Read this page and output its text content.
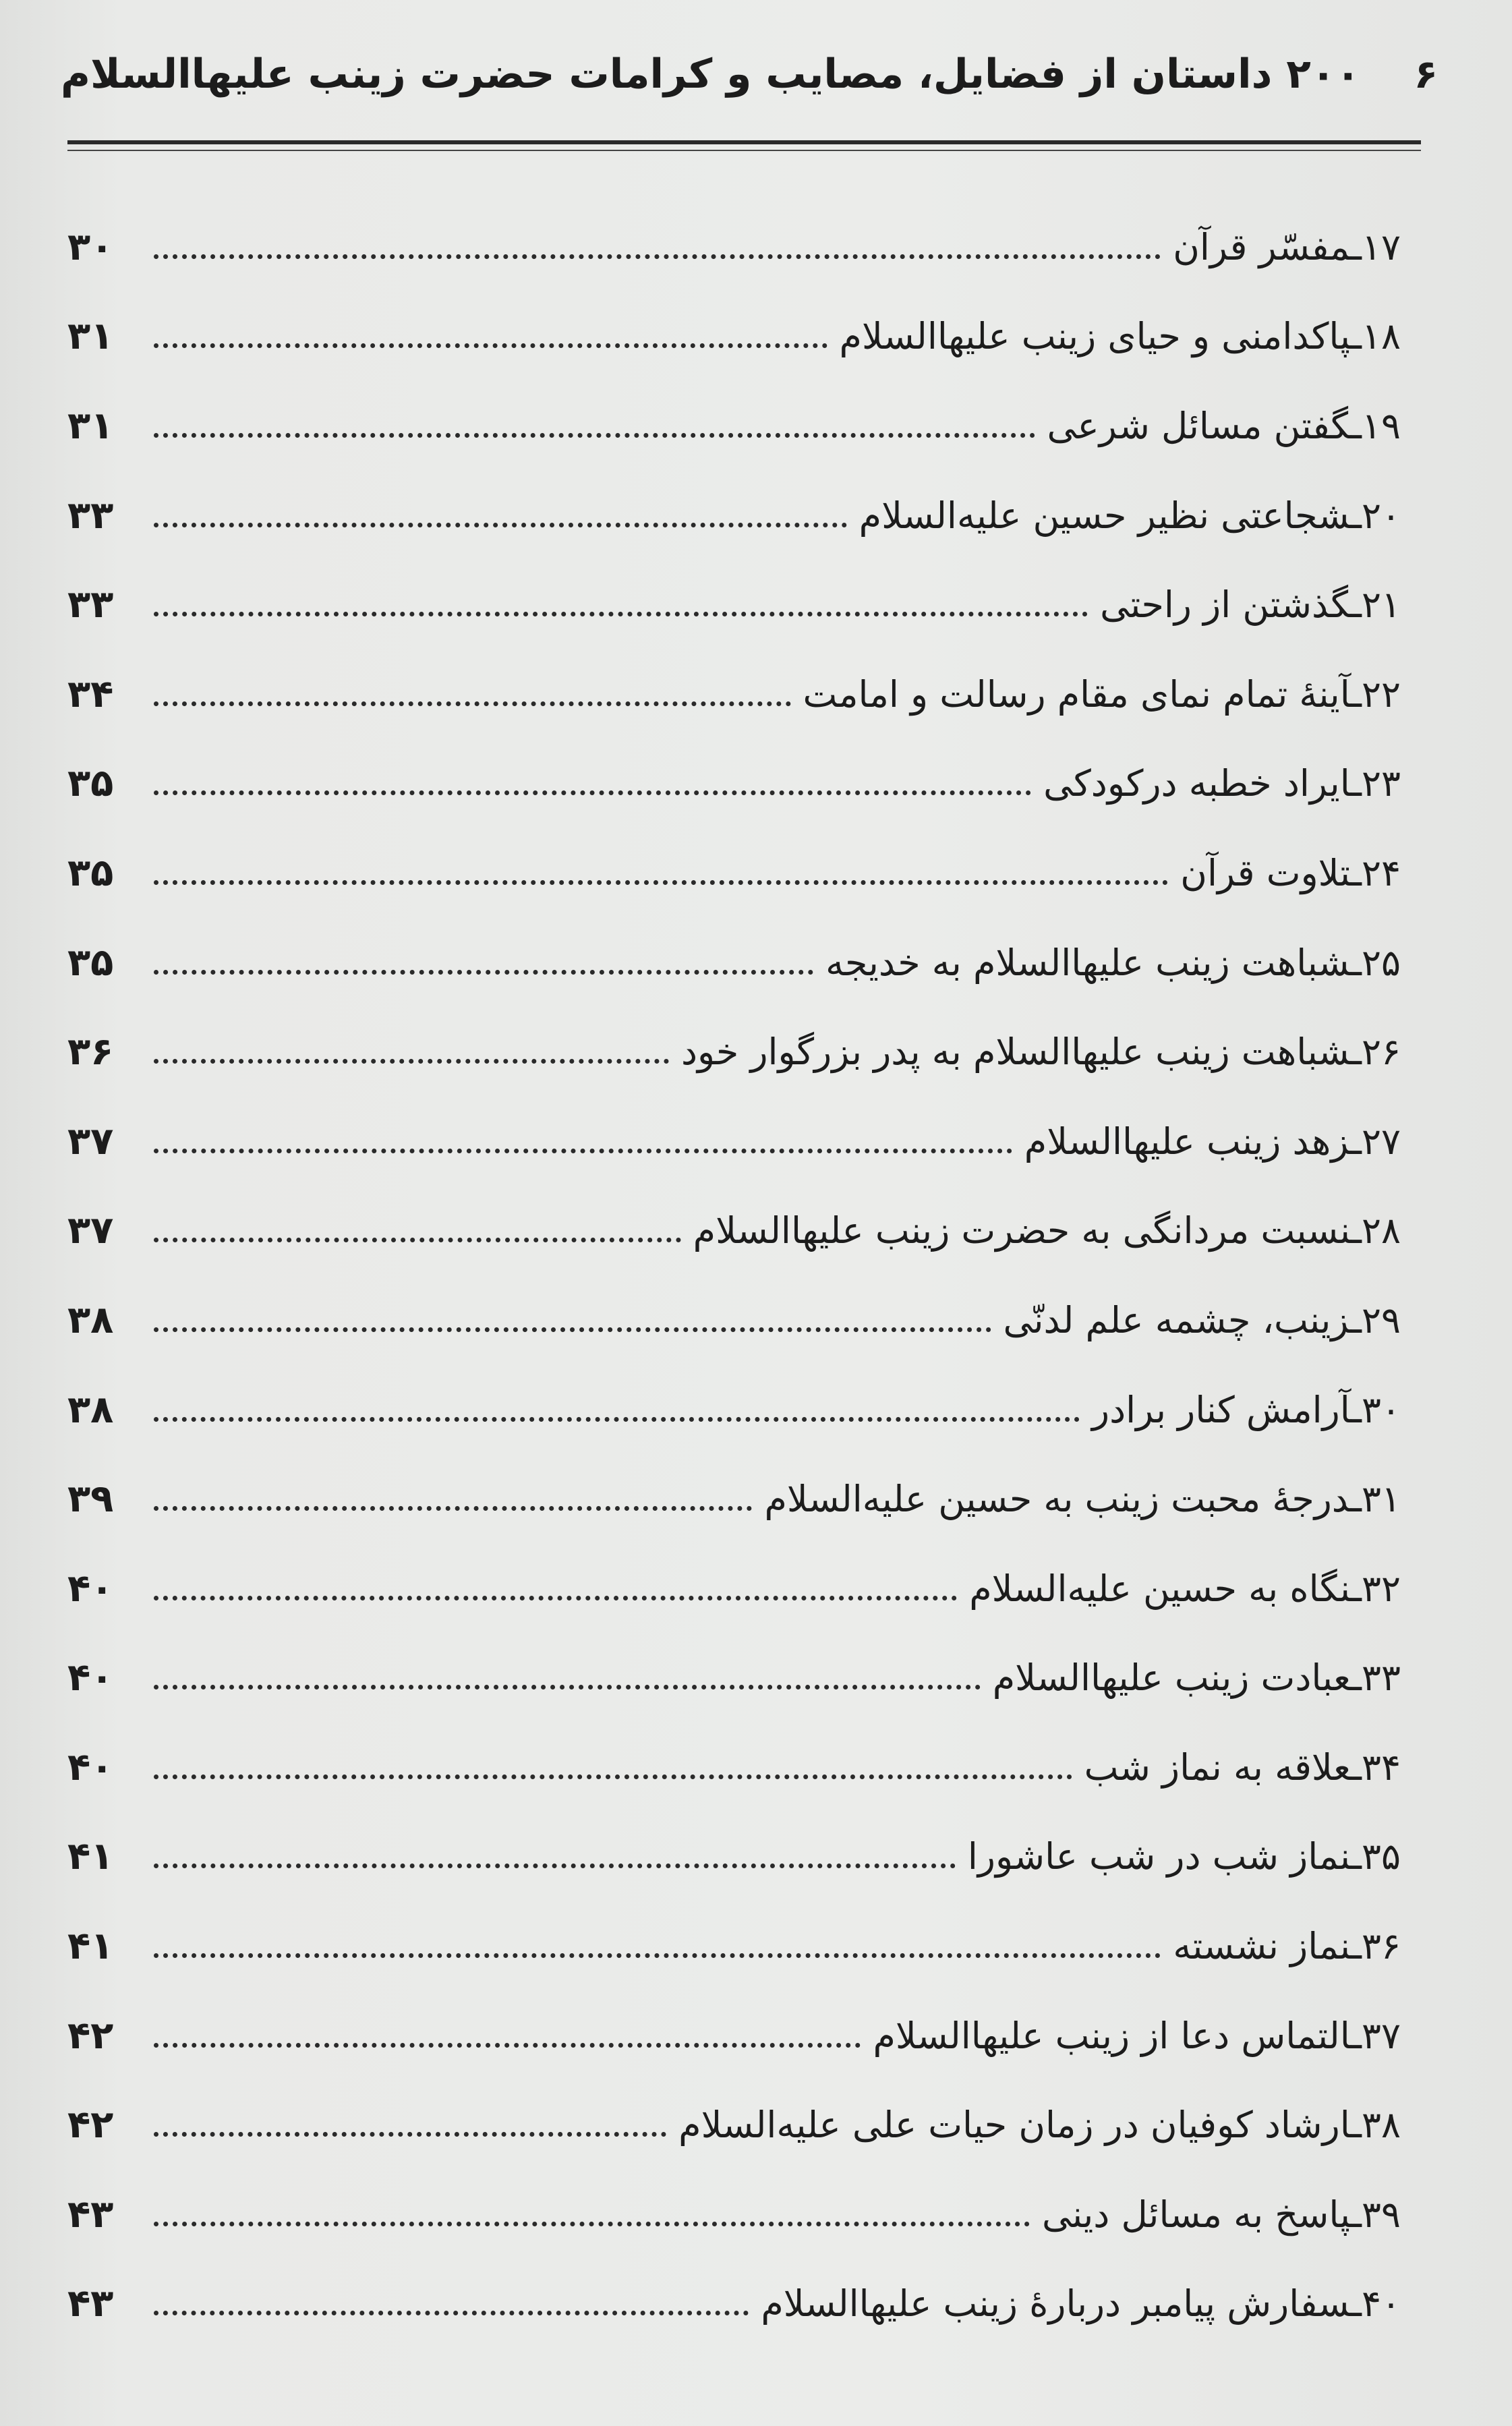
۶
۲۰۰ داستان از فضایل، مصایب و کرامات حضرت زینب علیهاالسلام
۱۷ـمفسّر قرآن
۳۰
۱۸ـپاکدامنی و حیای زینب علیهاالسلام
۳۱
۱۹ـگفتن مسائل شرعی
۳۱
۲۰ـشجاعتی نظیر حسین علیه‌السلام
۳۳
۲۱ـگذشتن از راحتی
۳۳
۲۲ـآینهٔ تمام نمای مقام رسالت و امامت
۳۴
۲۳ـایراد خطبه درکودکی
۳۵
۲۴ـتلاوت قرآن
۳۵
۲۵ـشباهت زینب علیهاالسلام به خدیجه
۳۵
۲۶ـشباهت زینب علیهاالسلام به پدر بزرگوار خود
۳۶
۲۷ـزهد زینب علیهاالسلام
۳۷
۲۸ـنسبت مردانگی به حضرت زینب علیهاالسلام
۳۷
۲۹ـزینب، چشمه علم لدنّی
۳۸
۳۰ـآرامش کنار برادر
۳۸
۳۱ـدرجهٔ محبت زینب به حسین علیه‌السلام
۳۹
۳۲ـنگاه به حسین علیه‌السلام
۴۰
۳۳ـعبادت زینب علیهاالسلام
۴۰
۳۴ـعلاقه به نماز شب
۴۰
۳۵ـنماز شب در شب عاشورا
۴۱
۳۶ـنماز نشسته
۴۱
۳۷ـالتماس دعا از زینب علیهاالسلام
۴۲
۳۸ـارشاد کوفیان در زمان حیات علی علیه‌السلام
۴۲
۳۹ـپاسخ به مسائل دینی
۴۳
۴۰ـسفارش پیامبر دربارهٔ زینب علیهاالسلام
۴۳
